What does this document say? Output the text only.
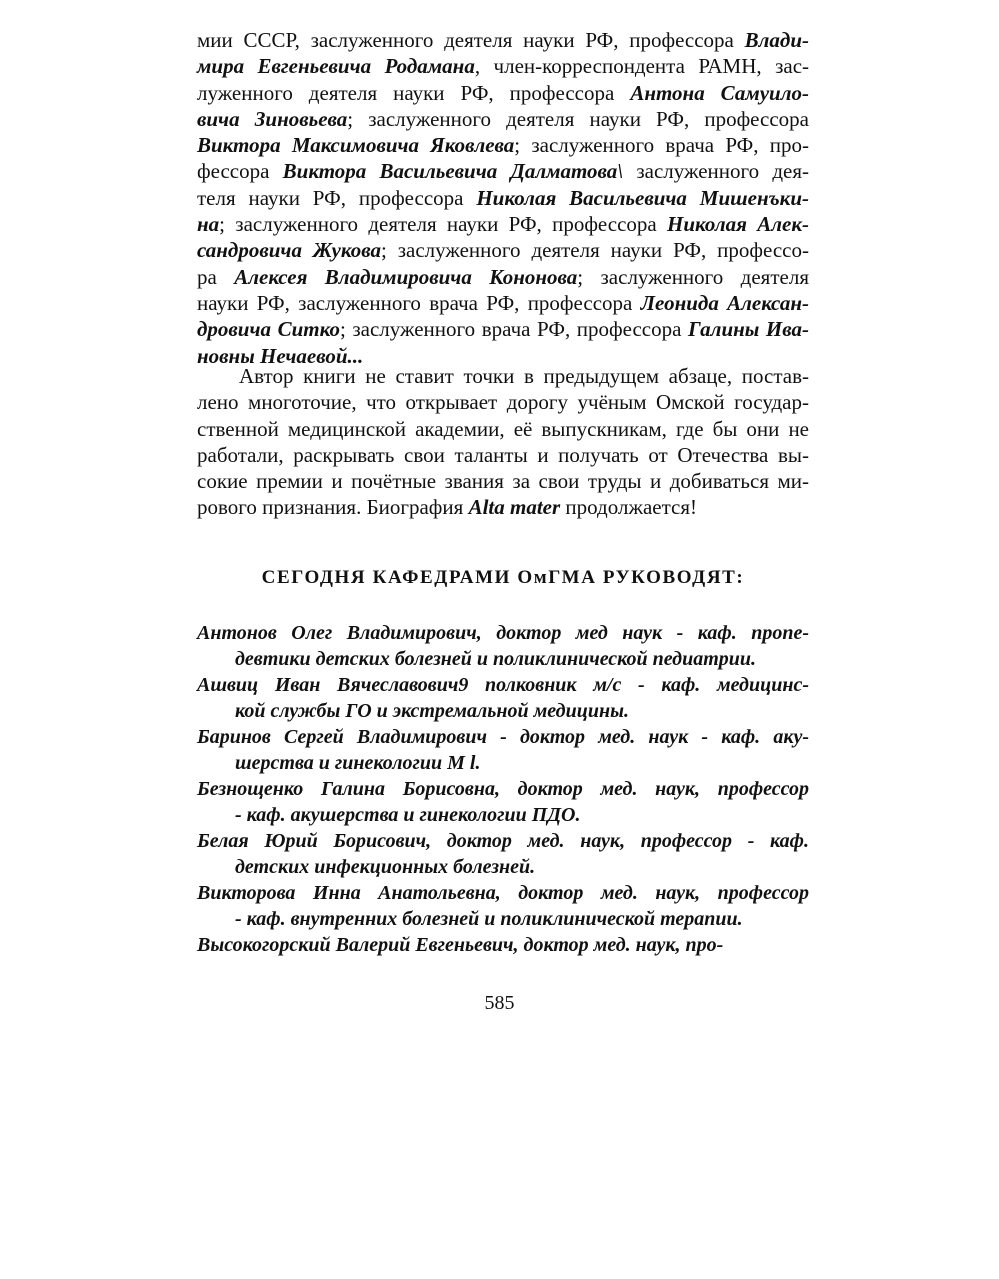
мии СССР, заслуженного деятеля науки РФ, профессора Влади-
мира Евгеньевича Родамана, член-корреспондента РАМН, зас-
луженного деятеля науки РФ, профессора Антона Самуило-
вича Зиновьева; заслуженного деятеля науки РФ, профессора
Виктора Максимовича Яковлева; заслуженного врача РФ, про-
фессора Виктора Васильевича Далматова\ заслуженного дея-
теля науки РФ, профессора Николая Васильевича Мишенъки-
на; заслуженного деятеля науки РФ, профессора Николая Алек-
сандровича Жукова; заслуженного деятеля науки РФ, профессо-
ра Алексея Владимировича Кононова; заслуженного деятеля
науки РФ, заслуженного врача РФ, профессора Леонида Алексан-
дровича Ситко; заслуженного врача РФ, профессора Галины Ива-
новны Нечаевой...
Автор книги не ставит точки в предыдущем абзаце, постав-
лено многоточие, что открывает дорогу учёным Омской государ-
ственной медицинской академии, её выпускникам, где бы они не
работали, раскрывать свои таланты и получать от Отечества вы-
сокие премии и почётные звания за свои труды и добиваться ми-
рового признания. Биография Alta mater продолжается!
СЕГОДНЯ КАФЕДРАМИ ОмГМА РУКОВОДЯТ:
Антонов Олег Владимирович, доктор мед наук - каф. пропе-
девтики детских болезней и поликлинической педиатрии.
Ашвиц Иван Вячеславович9 полковник м/с - каф. медицинс-
кой службы ГО и экстремальной медицины.
Баринов Сергей Владимирович - доктор мед. наук - каф. аку-
шерства и гинекологии М l.
Безнощенко Галина Борисовна, доктор мед. наук, профессор
- каф. акушерства и гинекологии ПДО.
Белая Юрий Борисович, доктор мед. наук, профессор - каф.
детских инфекционных болезней.
Викторова Инна Анатольевна, доктор мед. наук, профессор
- каф. внутренних болезней и поликлинической терапии.
Высокогорский Валерий Евгеньевич, доктор мед. наук, про-
585
